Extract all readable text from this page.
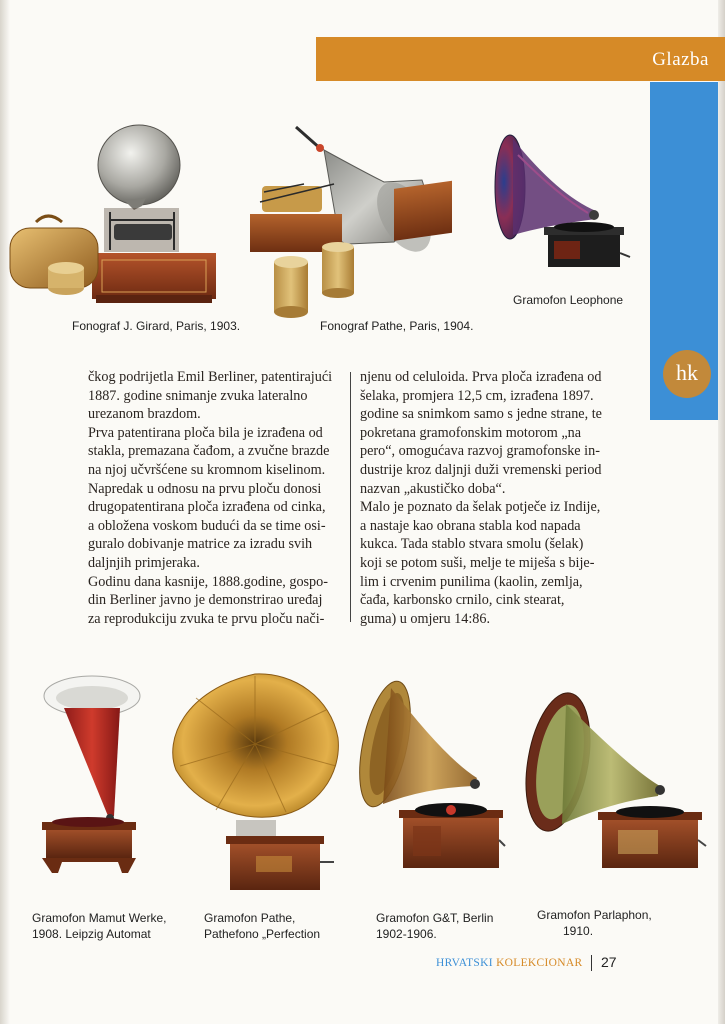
Glazba
hk
Fonograf J. Girard, Paris, 1903.	Fonograf Pathe, Paris, 1904.
Gramofon Leophone

čkog podrijetla Emil Berliner, patentirajući

1887. godine snimanje zvuka lateralno

urezanom brazdom.

Prva patentirana ploča bila je izrađena od

stakla, premazana čađom, a zvučne brazde

na njoj učvršćene su kromnom kiselinom.

Napredak u odnosu na prvu ploču donosi

drugopatentirana ploča izrađena od cinka,

a obložena voskom budući da se time osi-

guralo dobivanje matrice za izradu svih

daljnjih primjeraka.

Godinu dana kasnije, 1888.godine, gospo-

din Berliner javno je demonstrirao uređaj

za reprodukciju zvuka te prvu ploču nači-

njenu od celuloida. Prva ploča izrađena od

šelaka, promjera 12,5 cm, izrađena 1897.

godine sa snimkom samo s jedne strane, te

pokretana gramofonskim motorom „na

pero“, omogućava razvoj gramofonske in-

dustrije kroz daljnji duži vremenski period

nazvan „akustičko doba“.

Malo je poznato da šelak potječe iz Indije,

a nastaje kao obrana stabla kod napada

kukca. Tada stablo stvara smolu (šelak)

koji se potom suši, melje te miješa s bije-

lim i crvenim punilima (kaolin, zemlja,

čađa, karbonsko crnilo, cink stearat,

guma) u omjeru 14:86.

Gramofon Mamut Werke,
1908. Leipzig Automat
Gramofon Pathe,
Pathefono „Perfection
Gramofon G&T, Berlin
1902-1906.
Gramofon Parlaphon,
1910.
HRVATSKI KOLEKCIONAR 27
